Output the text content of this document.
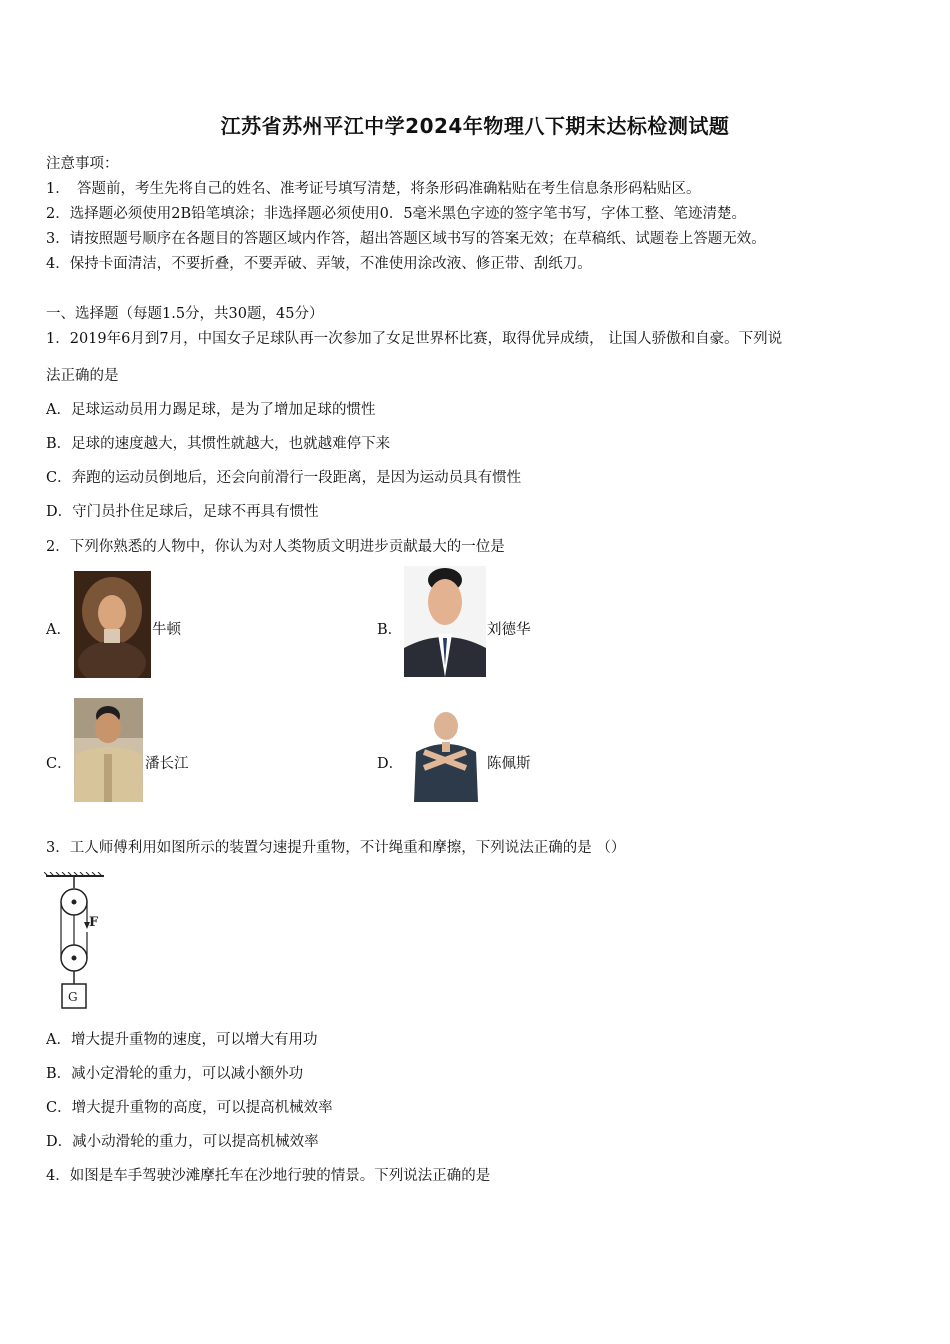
江苏省苏州平江中学2024年物理八下期末达标检测试题
注意事项：
1．　答题前，考生先将自己的姓名、准考证号填写清楚，将条形码准确粘贴在考生信息条形码粘贴区。
2．选择题必须使用2B铅笔填涂；非选择题必须使用0．5毫米黑色字迹的签字笔书写，字体工整、笔迹清楚。
3．请按照题号顺序在各题目的答题区域内作答，超出答题区域书写的答案无效；在草稿纸、试题卷上答题无效。
4．保持卡面清洁，不要折叠，不要弄破、弄皱，不准使用涂改液、修正带、刮纸刀。
一、选择题（每题1.5分，共30题，45分）
1．2019年6月到7月，中国女子足球队再一次参加了女足世界杯比赛，取得优异成绩， 让国人骄傲和自豪。下列说
法正确的是
A．足球运动员用力踢足球，是为了增加足球的惯性
B．足球的速度越大，其惯性就越大，也就越难停下来
C．奔跑的运动员倒地后，还会向前滑行一段距离，是因为运动员具有惯性
D．守门员扑住足球后，足球不再具有惯性
2．下列你熟悉的人物中，你认为对人类物质文明进步贡献最大的一位是
A．	牛顿	B．	刘德华
C．	潘长江	D．	陈佩斯
3．工人师傅利用如图所示的装置匀速提升重物，不计绳重和摩擦，下列说法正确的是 （）
F
G
A．增大提升重物的速度，可以增大有用功
B．减小定滑轮的重力，可以减小额外功
C．增大提升重物的高度，可以提高机械效率
D．减小动滑轮的重力，可以提高机械效率
4．如图是车手驾驶沙滩摩托车在沙地行驶的情景。下列说法正确的是
